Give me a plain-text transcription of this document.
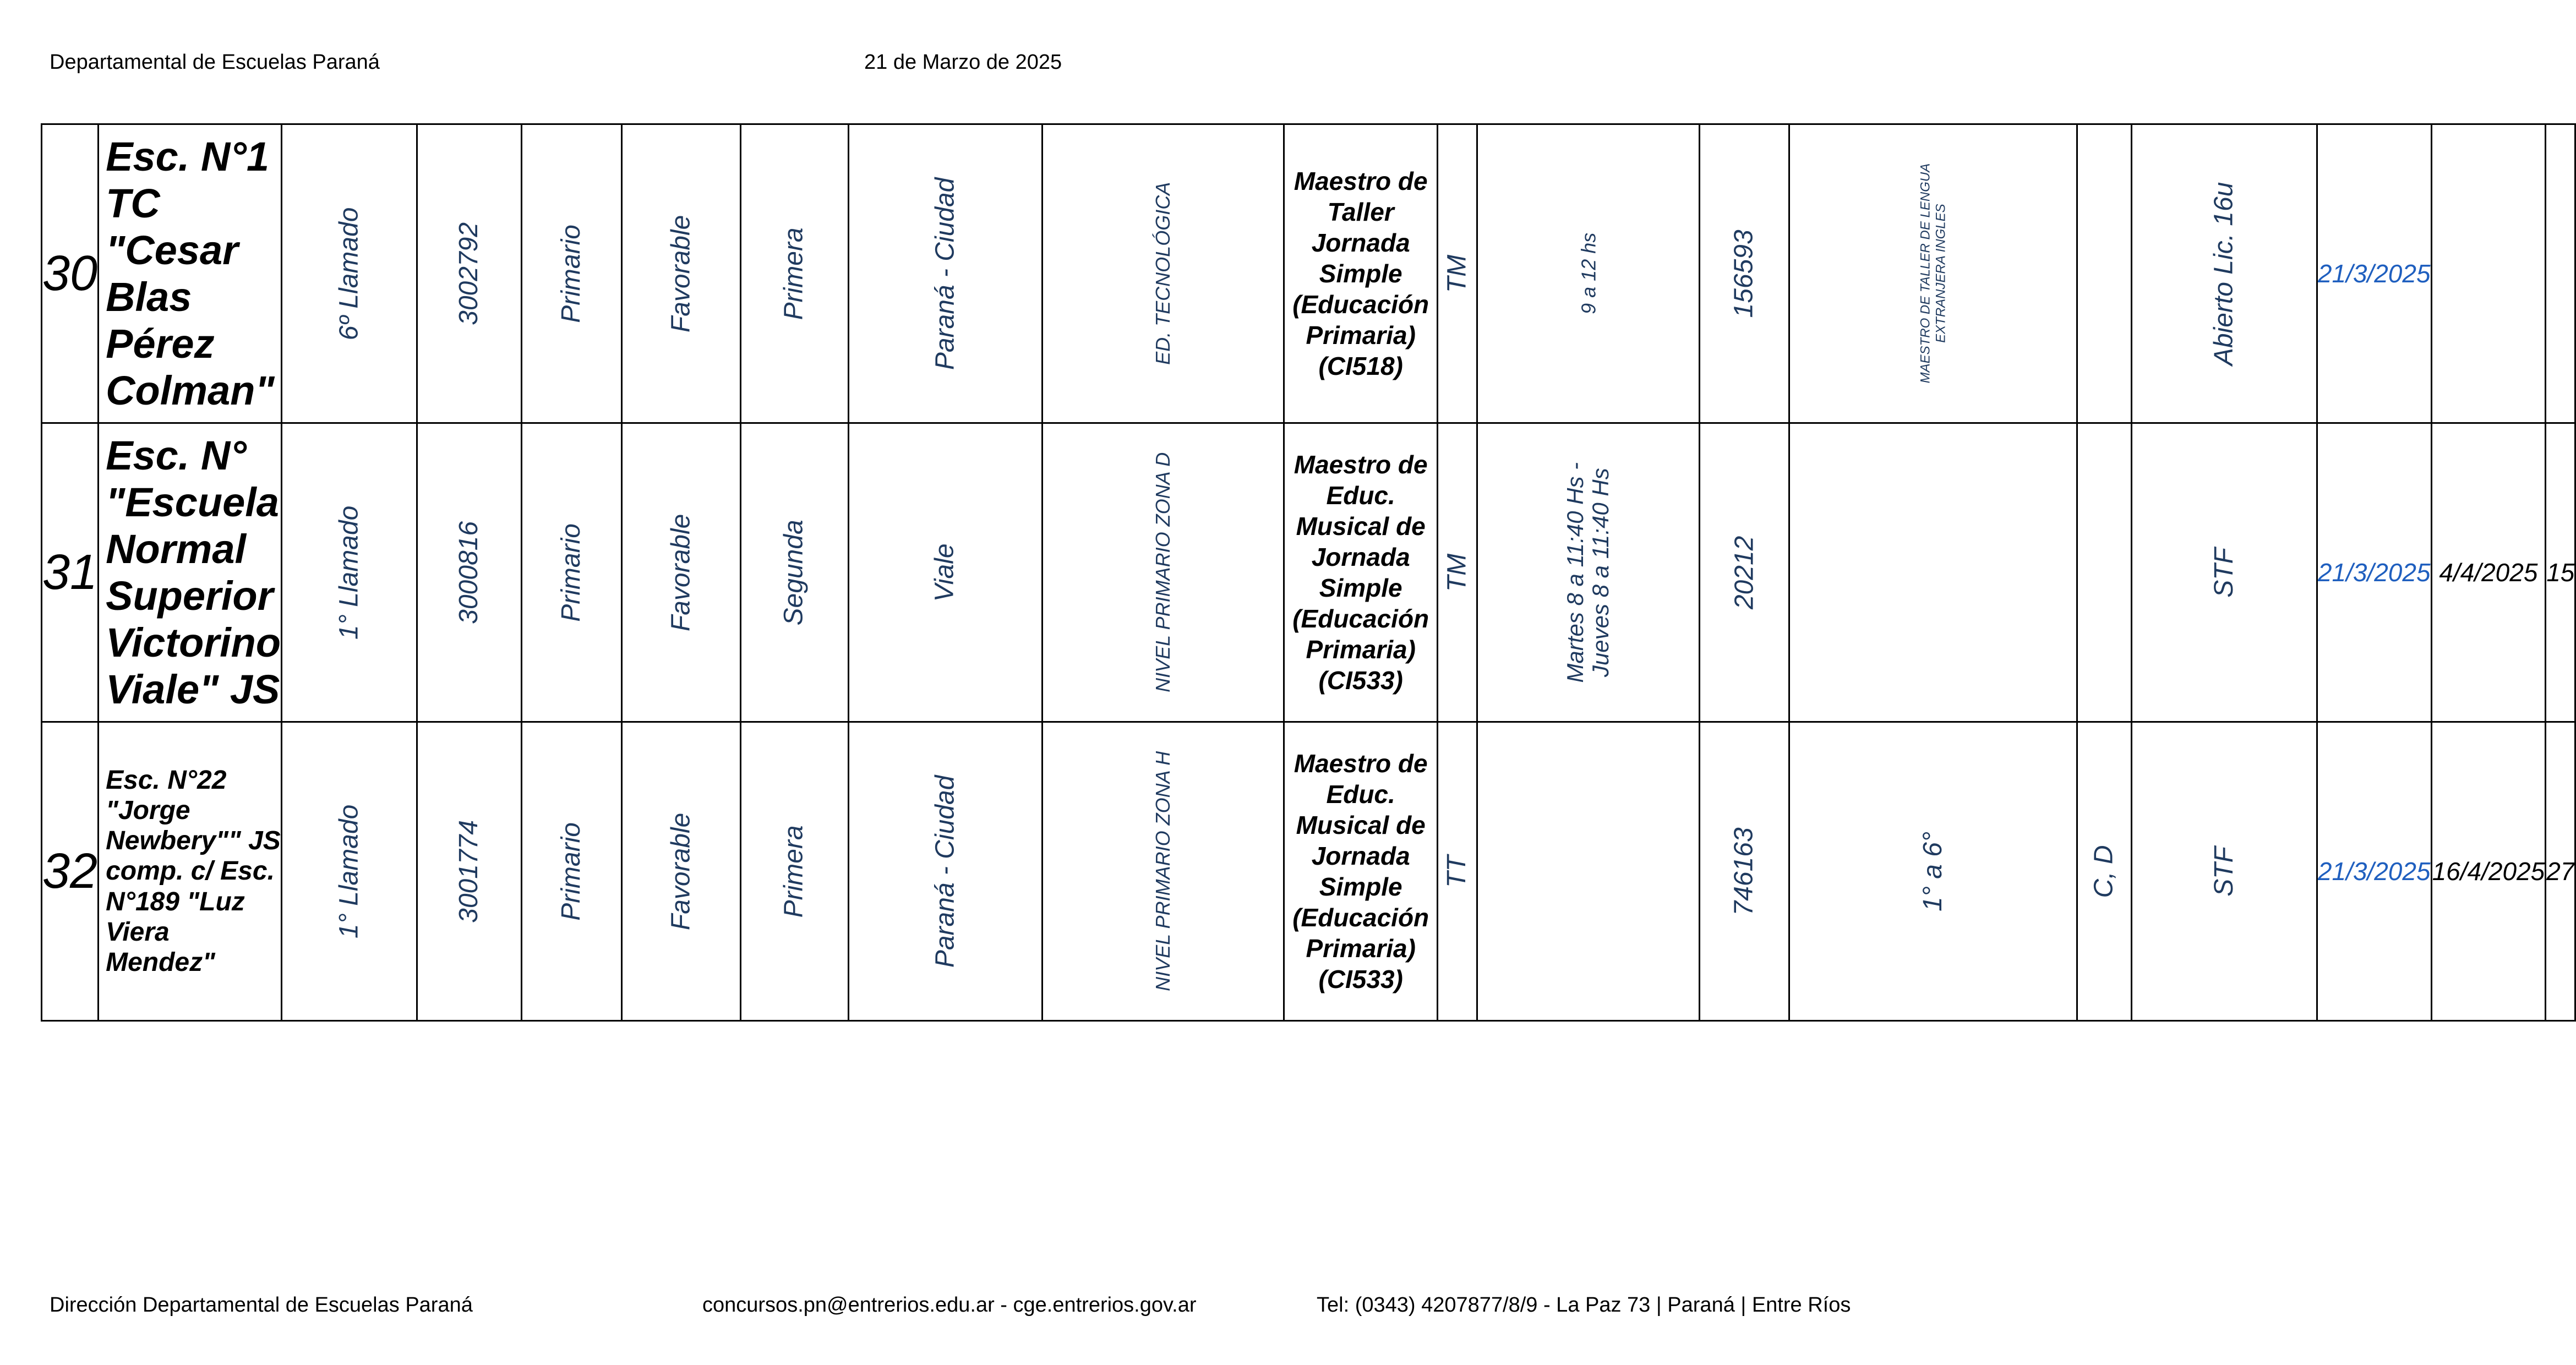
Departamental de Escuelas Paraná	21 de Marzo de 2025
30	Esc. N°1 TC "Cesar Blas Pérez Colman"	6º Llamado	3002792	Primario	Favorable	Primera	Paraná - Ciudad	ED. TECNOLÓGICA	Maestro de Taller Jornada Simple (Educación Primaria) (CI518)	TM	9 a 12 hs	156593	MAESTRO DE TALLER DE LENGUA EXTRANJERA INGLES		Abierto Lic. 16u	21/3/2025		
31	Esc. N° "Escuela Normal Superior Victorino Viale" JS	1° Llamado	3000816	Primario	Favorable	Segunda	Viale	NIVEL PRIMARIO ZONA D	Maestro de Educ. Musical de Jornada Simple (Educación Primaria) (CI533)	TM	Martes 8 a 11:40 Hs - Jueves 8 a 11:40 Hs	20212			STF	21/3/2025	4/4/2025	15
32	Esc. N°22 "Jorge Newbery"" JS comp. c/ Esc. N°189 "Luz Viera Mendez"	1° Llamado	3001774	Primario	Favorable	Primera	Paraná - Ciudad	NIVEL PRIMARIO ZONA H	Maestro de Educ. Musical de Jornada Simple (Educación Primaria) (CI533)	TT		746163	1° a 6°	C, D	STF	21/3/2025	16/4/2025	27
Dirección Departamental de Escuelas Paraná	concursos.pn@entrerios.edu.ar - cge.entrerios.gov.ar	Tel: (0343) 4207877/8/9 - La Paz 73 | Paraná | Entre Ríos
